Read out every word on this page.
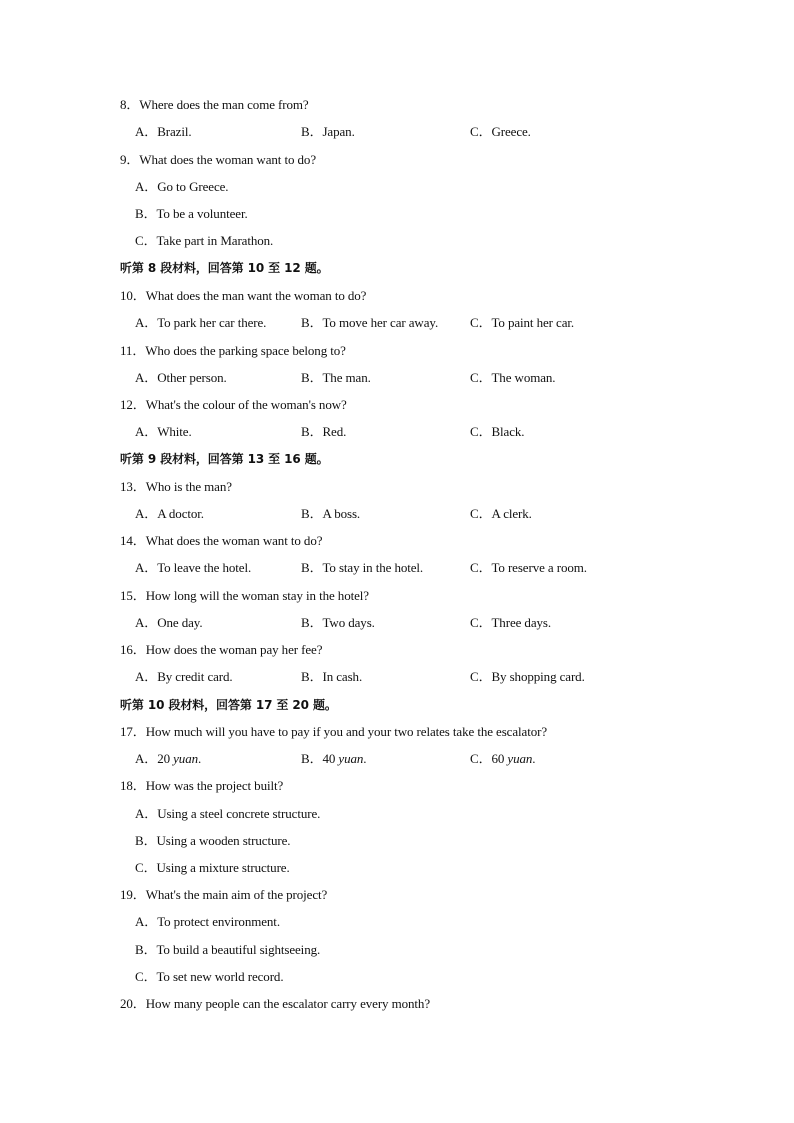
8．Where does the man come from?
A．Brazil.	B．Japan.	C．Greece.
9．What does the woman want to do?
A．Go to Greece.
B．To be a volunteer.
C．Take part in Marathon.
听第 8 段材料，回答第 10 至 12 题。
10．What does the man want the woman to do?
A．To park her car there.	B．To move her car away. C．To paint her car.
11．Who does the parking space belong to?
A．Other person.	B．The man.	C．The woman.
12．What's the colour of the woman's now?
A．White.	B．Red.	C．Black.
听第 9 段材料，回答第 13 至 16 题。
13．Who is the man?
A．A doctor.	B．A boss.	C．A clerk.
14．What does the woman want to do?
A．To leave the hotel.	B．To stay in the hotel.	C．To reserve a room.
15．How long will the woman stay in the hotel?
A．One day.	B．Two days.	C．Three days.
16．How does the woman pay her fee?
A．By credit card.	B．In cash.	C．By shopping card.
听第 10 段材料，回答第 17 至 20 题。
17．How much will you have to pay if you and your two relates take the escalator?
A．20 yuan.	B．40 yuan.	C．60 yuan.
18．How was the project built?
A．Using a steel concrete structure.
B．Using a wooden structure.
C．Using a mixture structure.
19．What's the main aim of the project?
A．To protect environment.
B．To build a beautiful sightseeing.
C．To set new world record.
20．How many people can the escalator carry every month?
